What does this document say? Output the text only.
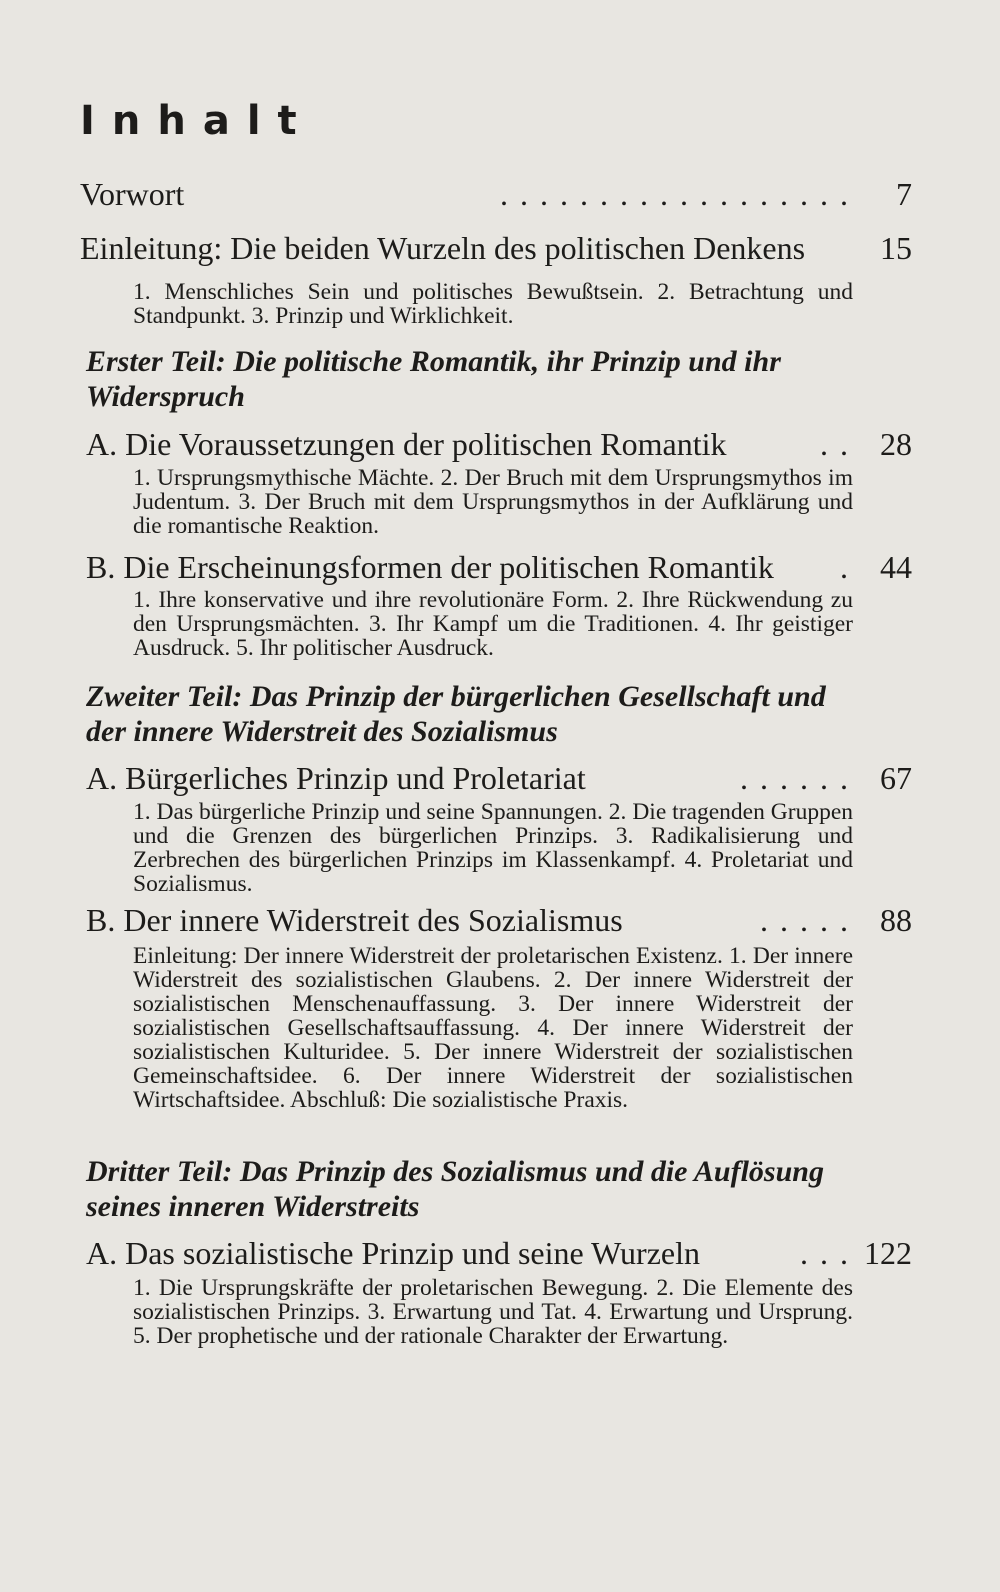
Inhalt
Vorwort	. . . . . . . . . . . . . . . . . . 7
Einleitung: Die beiden Wurzeln des politischen Denkens 15

1. Menschliches Sein und politisches Bewußtsein. 2. Betrachtung und Standpunkt. 3. Prinzip und Wirklichkeit.

Erster Teil: Die politische Romantik, ihr Prinzip und ihr Widerspruch

A. Die Voraussetzungen der politischen Romantik	. . 28

1. Ursprungsmythische Mächte. 2. Der Bruch mit dem Ursprungsmythos im Judentum. 3. Der Bruch mit dem Ursprungsmythos in der Aufklärung und die romantische Reaktion.

B. Die Erscheinungsformen der politischen Romantik . 44

1. Ihre konservative und ihre revolutionäre Form. 2. Ihre Rückwendung zu den Ursprungsmächten. 3. Ihr Kampf um die Traditionen. 4. Ihr geistiger Ausdruck. 5. Ihr politischer Ausdruck.

Zweiter Teil: Das Prinzip der bürgerlichen Gesellschaft und der innere Widerstreit des Sozialismus

A. Bürgerliches Prinzip und Proletariat	. . . . . . 67

1. Das bürgerliche Prinzip und seine Spannungen. 2. Die tragenden Gruppen und die Grenzen des bürgerlichen Prinzips. 3. Radikalisierung und Zerbrechen des bürgerlichen Prinzips im Klassenkampf. 4. Proletariat und Sozialismus.

B. Der innere Widerstreit des Sozialismus	. . . . . 88

Einleitung: Der innere Widerstreit der proletarischen Existenz. 1. Der innere Widerstreit des sozialistischen Glaubens. 2. Der innere Widerstreit der sozialistischen Menschenauffassung. 3. Der innere Widerstreit der sozialistischen Gesellschaftsauffassung. 4. Der innere Widerstreit der sozialistischen Kulturidee. 5. Der innere Widerstreit der sozialistischen Gemeinschaftsidee. 6. Der innere Widerstreit der sozialistischen Wirtschaftsidee. Abschluß: Die sozialistische Praxis.

Dritter Teil: Das Prinzip des Sozialismus und die Auflösung seines inneren Widerstreits

A. Das sozialistische Prinzip und seine Wurzeln	. . . 122

1. Die Ursprungskräfte der proletarischen Bewegung. 2. Die Elemente des sozialistischen Prinzips. 3. Erwartung und Tat. 4. Erwartung und Ursprung. 5. Der prophetische und der rationale Charakter der Erwartung.
